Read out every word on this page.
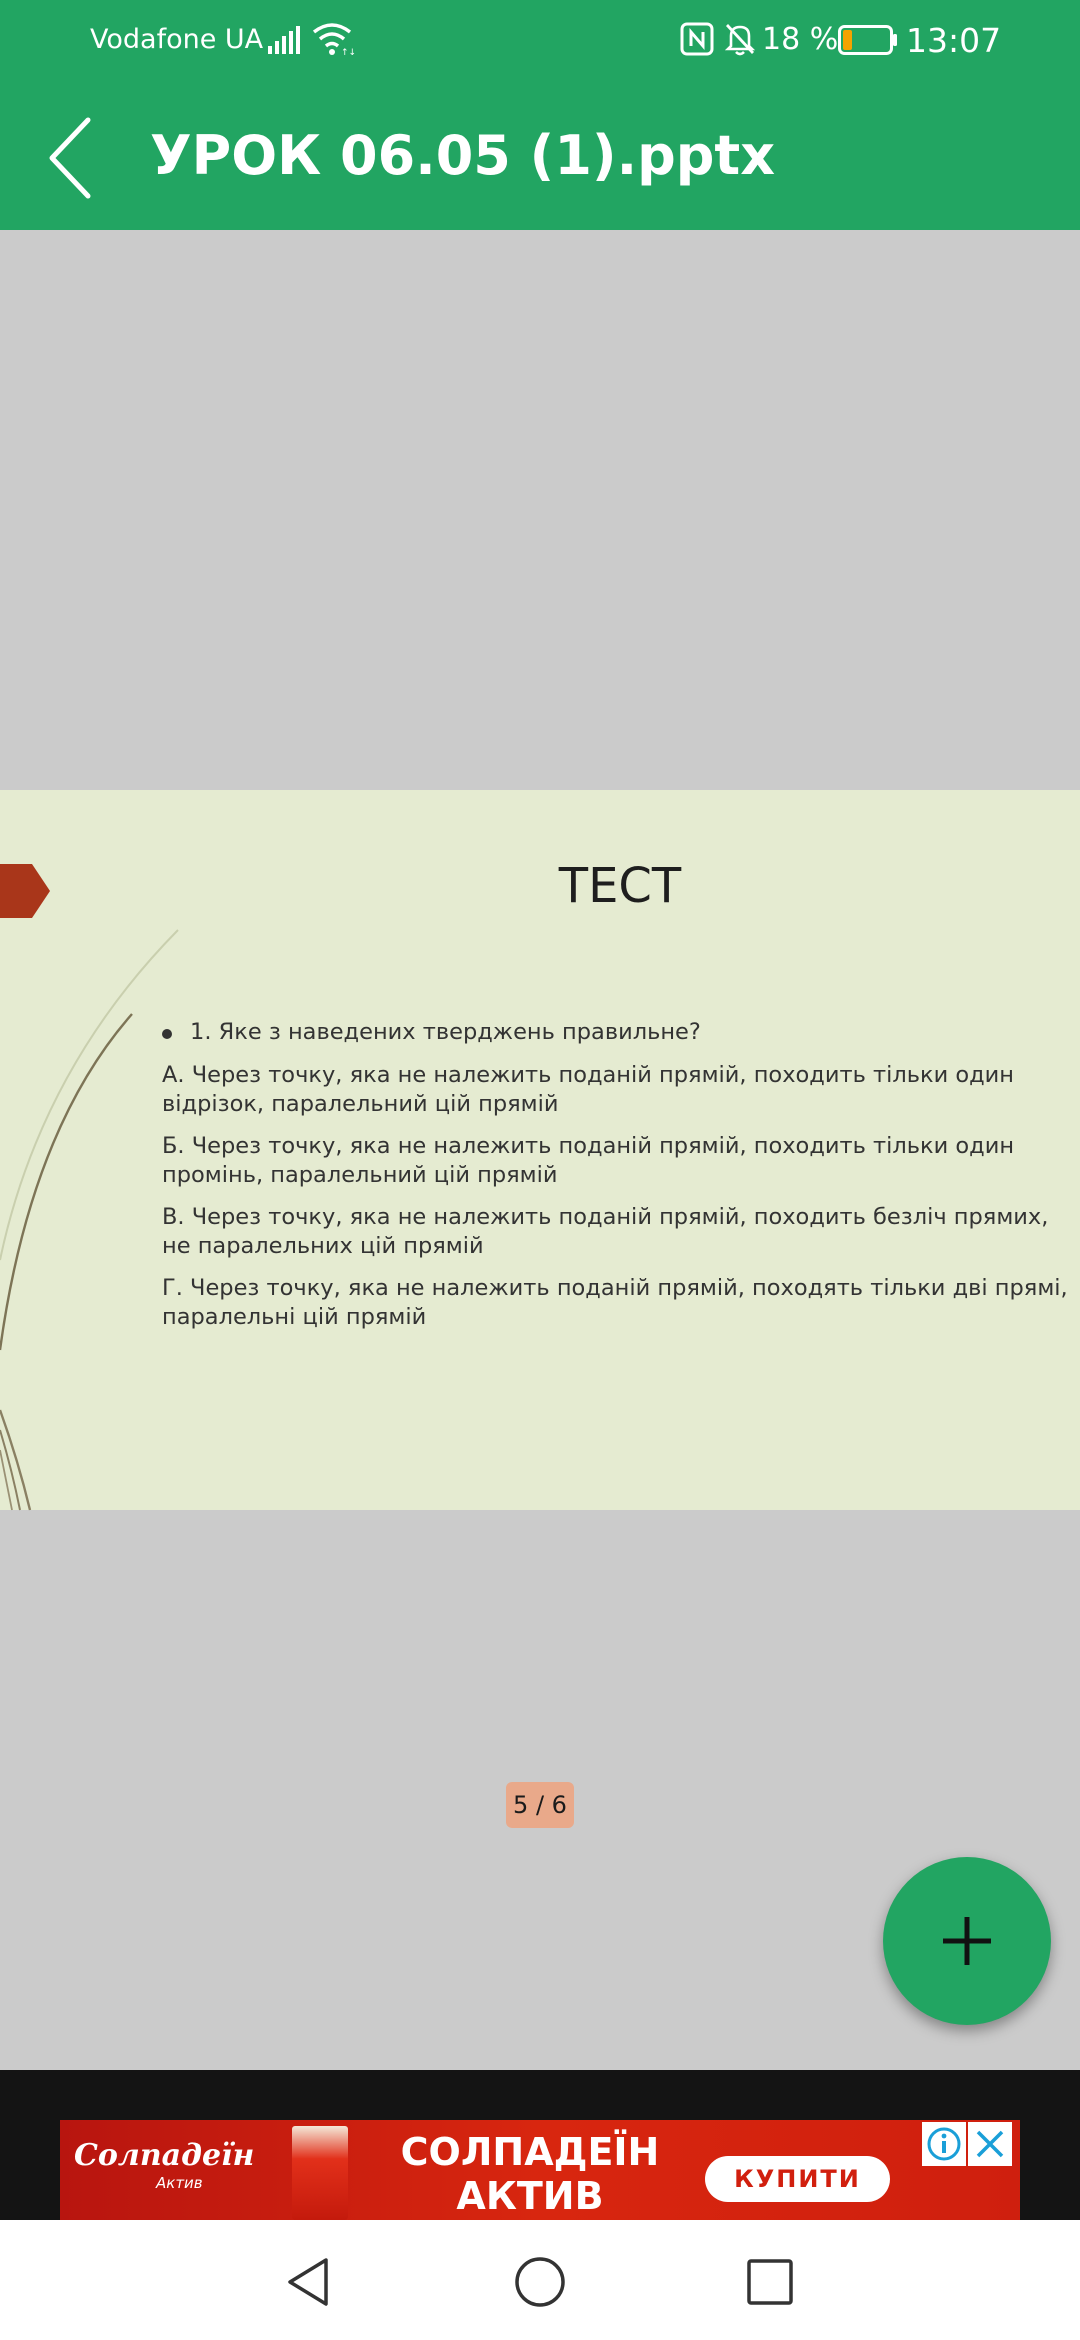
Vodafone UA	↑↓	18 % 13:07
УРОК 06.05 (1).pptx
ТЕСТ
1. Яке з наведених тверджень правильне?
А. Через точку, яка не належить поданій прямій, походить тільки один відрізок, паралельний цій прямій
Б. Через точку, яка не належить поданій прямій, походить тільки один промінь, паралельний цій прямій
В. Через точку, яка не належить поданій прямій, походить безліч прямих, не паралельних цій прямій
Г. Через точку, яка не належить поданій прямій, походять тільки дві прямі, паралельні цій прямій
5 / 6
Солпадеїн
Актив
СОЛПАДЕЇН
АКТИВ	КУПИТИ
